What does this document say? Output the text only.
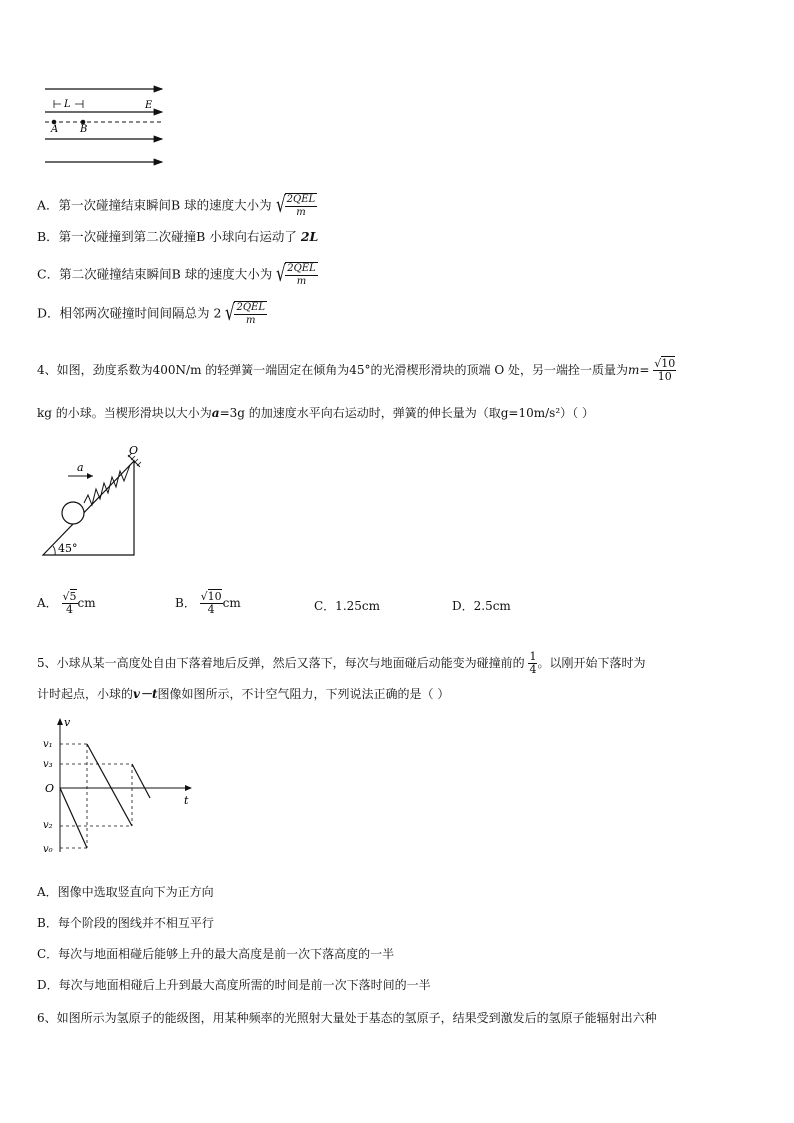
L	E
A B
A．第一次碰撞结束瞬间B 球的速度大小为 √ $\frac{\text{2QEL}}{m}$
B．第一次碰撞到第二次碰撞B 小球向右运动了 2L
C．第二次碰撞结束瞬间B 球的速度大小为 √ $\frac{\text{2QEL}}{m}$
D．相邻两次碰撞时间间隔总为 2 √ $\frac{\text{2QEL}}{m}$
4、如图，劲度系数为400N/m 的轻弹簧一端固定在倾角为45°的光滑楔形滑块的顶端 O 处，另一端拴一质量为$m= \frac{√10}{10}$
kg 的小球。当楔形滑块以大小为a=3g 的加速度水平向右运动时，弹簧的伸长量为（取g=10m/s²）（ ）
O
a
45°
A． $\frac{√5}{4}$ cm	B． $\frac{√10}{4}$ cm	C．1.25cm	D．2.5cm
5、小球从某一高度处自由下落着地后反弹，然后又落下，每次与地面碰后动能变为碰撞前的 $\frac{1}{4}$ 。以刚开始下落时为
计时起点，小球的v－t图像如图所示，不计空气阻力，下列说法正确的是（ ）
v
t
O
v₁
v₃
v₂
v₀
A．图像中选取竖直向下为正方向
B．每个阶段的图线并不相互平行
C．每次与地面相碰后能够上升的最大高度是前一次下落高度的一半
D．每次与地面相碰后上升到最大高度所需的时间是前一次下落时间的一半
6、如图所示为氢原子的能级图，用某种频率的光照射大量处于基态的氢原子，结果受到激发后的氢原子能辐射出六种
